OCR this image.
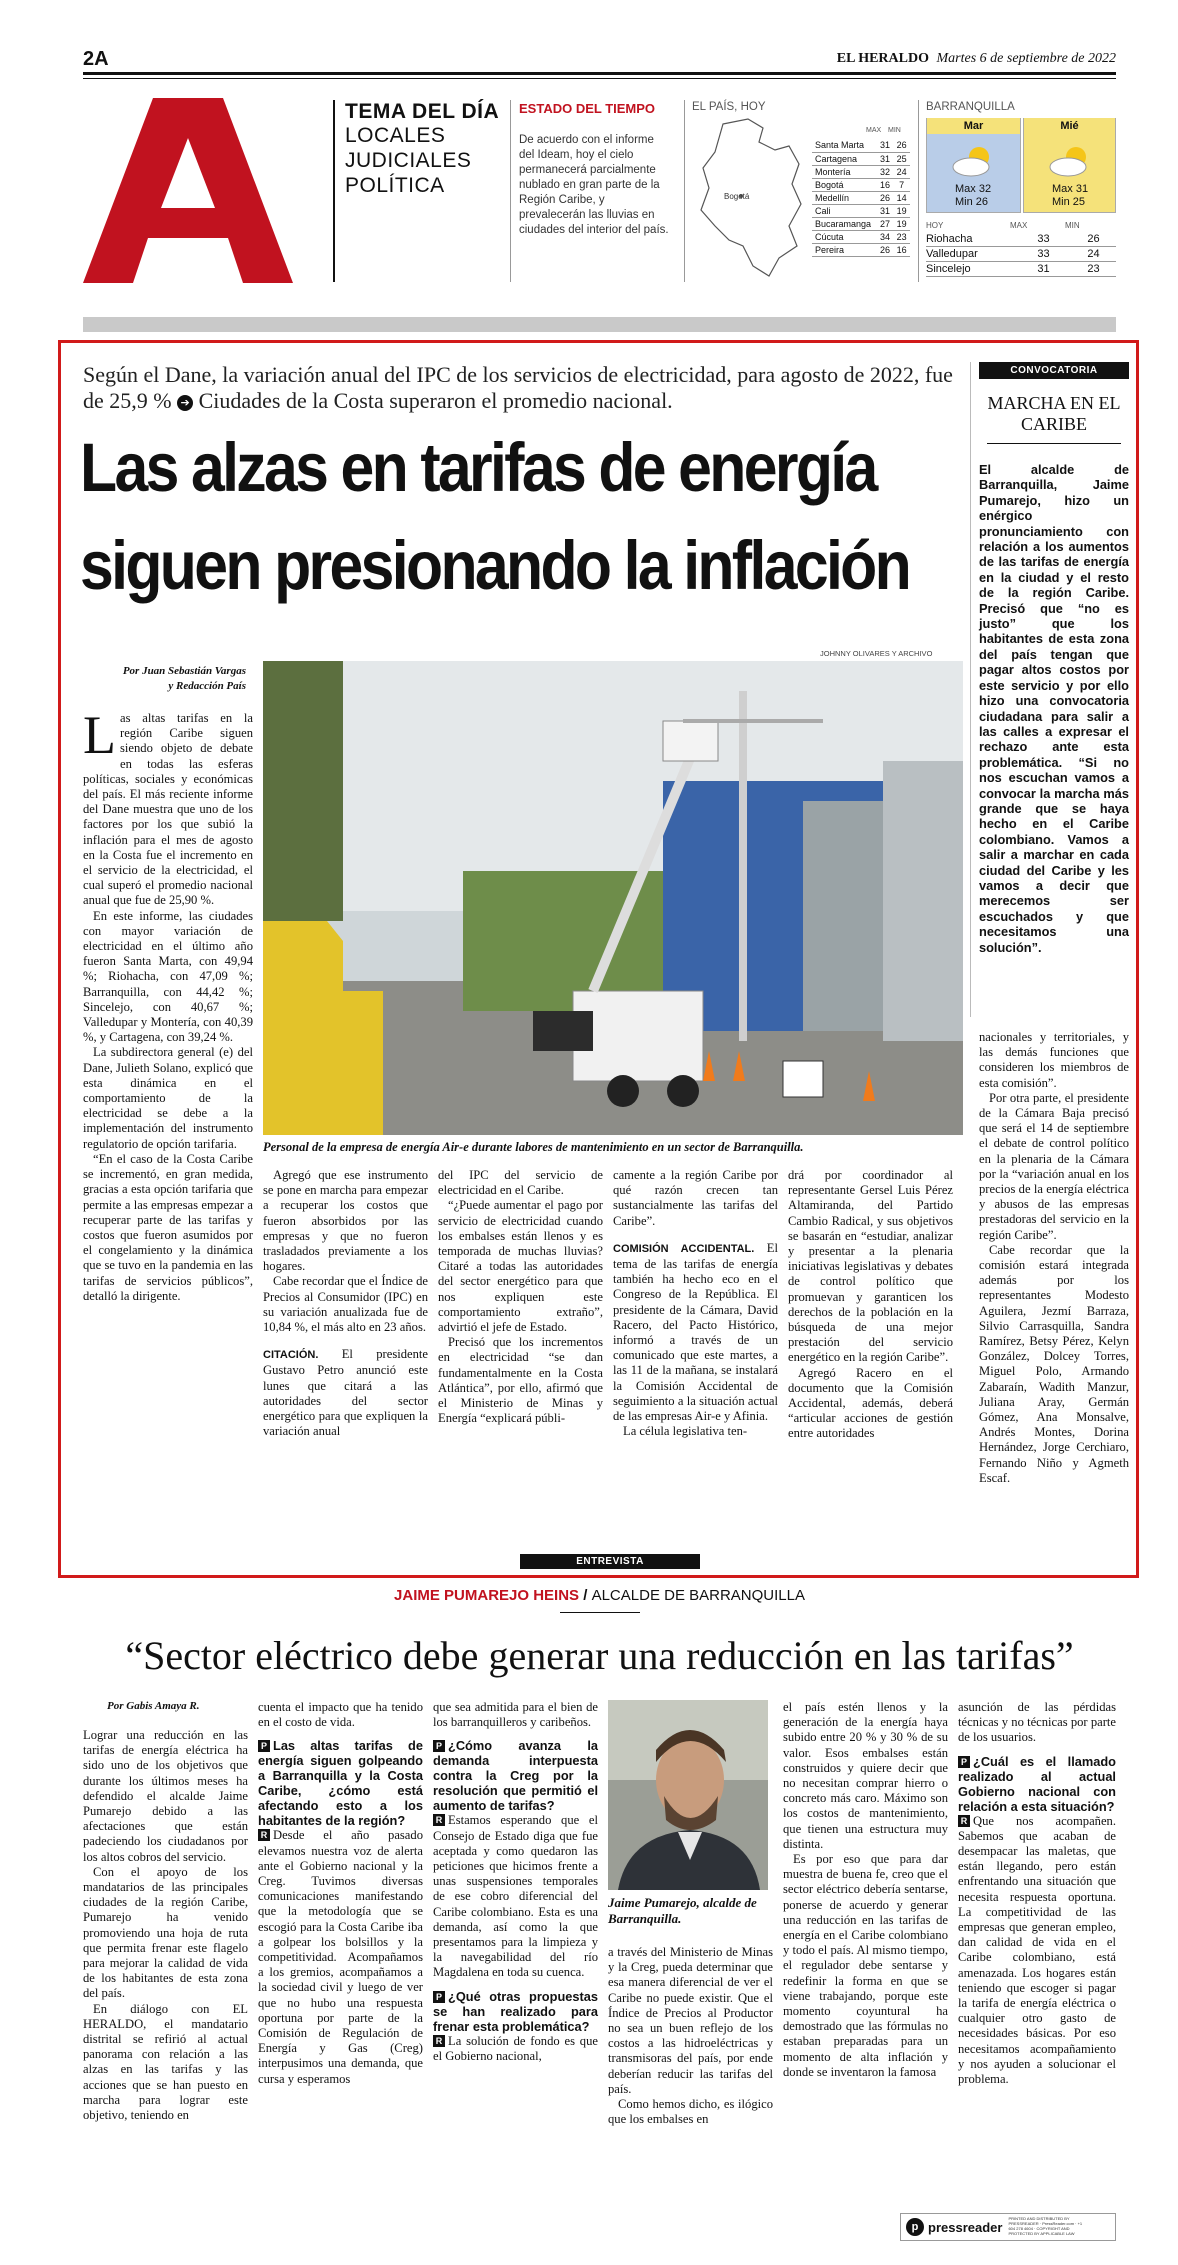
2A	EL HERALDO Martes 6 de septiembre de 2022
TEMA DEL DÍA
LOCALES
JUDICIALES
POLÍTICA
ESTADO DEL TIEMPO
De acuerdo con el informe del Ideam, hoy el cielo permanecerá parcialmente nublado en gran parte de la Región Caribe, y prevalecerán las lluvias en ciudades del interior del país.
EL PAÍS, HOY
Bogotá
MAX MIN
Santa Marta	31	26
Cartagena	31	25
Montería	32	24
Bogotá	16	7
Medellín	26	14
Cali	31	19
Bucaramanga	27	19
Cúcuta	34	23
Pereira	26	16
BARRANQUILLA
Mar
Max 32
Min 26
Mié
Max 31
Min 25
HOY	MAX	MIN
Riohacha	33	26
Valledupar	33	24
Sincelejo	31	23
Según el Dane, la variación anual del IPC de los servicios de electricidad, para agosto de 2022, fue de 25,9 % ➔ Ciudades de la Costa superaron el promedio nacional.
Las alzas en tarifas de energía
siguen presionando la inflación
CONVOCATORIA
MARCHA EN EL CARIBE
El alcalde de Barranquilla, Jaime Pumarejo, hizo un enérgico pronunciamiento con relación a los aumentos de las tarifas de energía en la ciudad y el resto de la región Caribe. Precisó que “no es justo” que los habitantes de esta zona del país tengan que pagar altos costos por este servicio y por ello hizo una convocatoria ciudadana para salir a las calles a expresar el rechazo ante esta problemática. “Si no nos escuchan vamos a convocar la marcha más grande que se haya hecho en el Caribe colombiano. Vamos a salir a marchar en cada ciudad del Caribe y les vamos a decir que merecemos ser escuchados y que necesitamos una solución”.
JOHNNY OLIVARES Y ARCHIVO
Personal de la empresa de energía Air-e durante labores de mantenimiento en un sector de Barranquilla.
Por Juan Sebastián Vargas
y Redacción País

Las altas tarifas en la región Caribe siguen siendo objeto de debate en todas las esferas políticas, sociales y económicas del país. El más reciente informe del Dane muestra que uno de los factores por los que subió la inflación para el mes de agosto en la Costa fue el incremento en el servicio de la electricidad, el cual superó el promedio nacional anual que fue de 25,90 %.

En este informe, las ciudades con mayor variación de electricidad en el último año fueron Santa Marta, con 49,94 %; Riohacha, con 47,09 %; Barranquilla, con 44,42 %; Sincelejo, con 40,67 %; Valledupar y Montería, con 40,39 %, y Cartagena, con 39,24 %.

La subdirectora general (e) del Dane, Julieth Solano, explicó que esta dinámica en el comportamiento de la electricidad se debe a la implementación del instrumento regulatorio de opción tarifaria.

“En el caso de la Costa Caribe se incrementó, en gran medida, gracias a esta opción tarifaria que permite a las empresas empezar a recuperar parte de las tarifas y costos que fueron asumidos por el congelamiento y la dinámica que se tuvo en la pandemia en las tarifas de servicios públicos”, detalló la dirigente.

Agregó que ese instrumento se pone en marcha para empezar a recuperar los costos que fueron absorbidos por las empresas y que no fueron trasladados previamente a los hogares.

Cabe recordar que el Índice de Precios al Consumidor (IPC) en su variación anualizada fue de 10,84 %, el más alto en 23 años.

CITACIÓN. El presidente Gustavo Petro anunció este lunes que citará a las autoridades del sector energético para que expliquen la variación anual

del IPC del servicio de electricidad en el Caribe.

“¿Puede aumentar el pago por servicio de electricidad cuando los embalses están llenos y es temporada de muchas lluvias? Citaré a todas las autoridades del sector energético para que nos expliquen este comportamiento extraño”, advirtió el jefe de Estado.

Precisó que los incrementos en electricidad “se dan fundamentalmente en la Costa Atlántica”, por ello, afirmó que el Ministerio de Minas y Energía “explicará públi-

camente a la región Caribe por qué razón crecen tan sustancialmente las tarifas del Caribe”.

COMISIÓN ACCIDENTAL. El tema de las tarifas de energía también ha hecho eco en el Congreso de la República. El presidente de la Cámara, David Racero, del Pacto Histórico, informó a través de un comunicado que este martes, a las 11 de la mañana, se instalará la Comisión Accidental de seguimiento a la situación actual de las empresas Air-e y Afinia.

La célula legislativa ten-

drá por coordinador al representante Gersel Luis Pérez Altamiranda, del Partido Cambio Radical, y sus objetivos se basarán en “estudiar, analizar y presentar a la plenaria iniciativas legislativas y debates de control político que promuevan y garanticen los derechos de la población en la búsqueda de una mejor prestación del servicio energético en la región Caribe”.

Agregó Racero en el documento que la Comisión Accidental, además, deberá “articular acciones de gestión entre autoridades

nacionales y territoriales, y las demás funciones que consideren los miembros de esta comisión”.

Por otra parte, el presidente de la Cámara Baja precisó que será el 14 de septiembre el debate de control político en la plenaria de la Cámara por la “variación anual en los precios de la energía eléctrica y abusos de las empresas prestadoras del servicio en la región Caribe”.

Cabe recordar que la comisión estará integrada además por los representantes Modesto Aguilera, Jezmí Barraza, Silvio Carrasquilla, Sandra Ramírez, Betsy Pérez, Kelyn González, Dolcey Torres, Miguel Polo, Armando Zabaraín, Wadith Manzur, Juliana Aray, Germán Gómez, Ana Monsalve, Andrés Montes, Dorina Hernández, Jorge Cerchiaro, Fernando Niño y Agmeth Escaf.

ENTREVISTA
JAIME PUMAREJO HEINS / ALCALDE DE BARRANQUILLA
“Sector eléctrico debe generar una reducción en las tarifas”
Por Gabis Amaya R.

Lograr una reducción en las tarifas de energía eléctrica ha sido uno de los objetivos que durante los últimos meses ha defendido el alcalde Jaime Pumarejo debido a las afectaciones que están padeciendo los ciudadanos por los altos cobros del servicio.

Con el apoyo de los mandatarios de las principales ciudades de la región Caribe, Pumarejo ha venido promoviendo una hoja de ruta que permita frenar este flagelo para mejorar la calidad de vida de los habitantes de esta zona del país.

En diálogo con EL HERALDO, el mandatario distrital se refirió al actual panorama con relación a las alzas en las tarifas y las acciones que se han puesto en marcha para lograr este objetivo, teniendo en

cuenta el impacto que ha tenido en el costo de vida.

P Las altas tarifas de energía siguen golpeando a Barranquilla y la Costa Caribe, ¿cómo está afectando esto a los habitantes de la región?

R Desde el año pasado elevamos nuestra voz de alerta ante el Gobierno nacional y la Creg. Tuvimos diversas comunicaciones manifestando que la metodología que se escogió para la Costa Caribe iba a golpear los bolsillos y la competitividad. Acompañamos a los gremios, acompañamos a la sociedad civil y luego de ver que no hubo una respuesta oportuna por parte de la Comisión de Regulación de Energía y Gas (Creg) interpusimos una demanda, que cursa y esperamos

que sea admitida para el bien de los barranquilleros y caribeños.

P ¿Cómo avanza la demanda interpuesta contra la Creg por la resolución que permitió el aumento de tarifas?

R Estamos esperando que el Consejo de Estado diga que fue aceptada y como quedaron las peticiones que hicimos frente a unas suspensiones temporales de ese cobro diferencial del Caribe colombiano. Esta es una demanda, así como la que presentamos para la limpieza y la navegabilidad del río Magdalena en toda su cuenca.

P ¿Qué otras propuestas se han realizado para frenar esta problemática?

R La solución de fondo es que el Gobierno nacional,

Jaime Pumarejo, alcalde de Barranquilla.

a través del Ministerio de Minas y la Creg, pueda determinar que esa manera diferencial de ver el Caribe no puede existir. Que el Índice de Precios al Productor no sea un buen reflejo de los costos a las hidroeléctricas y transmisoras del país, por ende deberían reducir las tarifas del país.

Como hemos dicho, es ilógico que los embalses en

el país estén llenos y la generación de la energía haya subido entre 20 % y 30 % de su valor. Esos embalses están construidos y quiere decir que no necesitan comprar hierro o concreto más caro. Máximo son los costos de mantenimiento, que tienen una estructura muy distinta.

Es por eso que para dar muestra de buena fe, creo que el sector eléctrico debería sentarse, ponerse de acuerdo y generar una reducción en las tarifas de energía en el Caribe colombiano y todo el país. Al mismo tiempo, el regulador debe sentarse y redefinir la forma en que se viene trabajando, porque este momento coyuntural ha demostrado que las fórmulas no estaban preparadas para un momento de alta inflación y donde se inventaron la famosa

asunción de las pérdidas técnicas y no técnicas por parte de los usuarios.

P ¿Cuál es el llamado realizado al actual Gobierno nacional con relación a esta situación?

R Que nos acompañen. Sabemos que acaban de desempacar las maletas, que están llegando, pero están enfrentando una situación que necesita respuesta oportuna. La competitividad de las empresas que generan empleo, dan calidad de vida en el Caribe colombiano, está amenazada. Los hogares están teniendo que escoger si pagar la tarifa de energía eléctrica o cualquier otro gasto de necesidades básicas. Por eso necesitamos acompañamiento y nos ayuden a solucionar el problema.

p pressreader
PRINTED AND DISTRIBUTED BY PRESSREADER · PressReader.com · +1 604 278 4604 · COPYRIGHT AND PROTECTED BY APPLICABLE LAW
